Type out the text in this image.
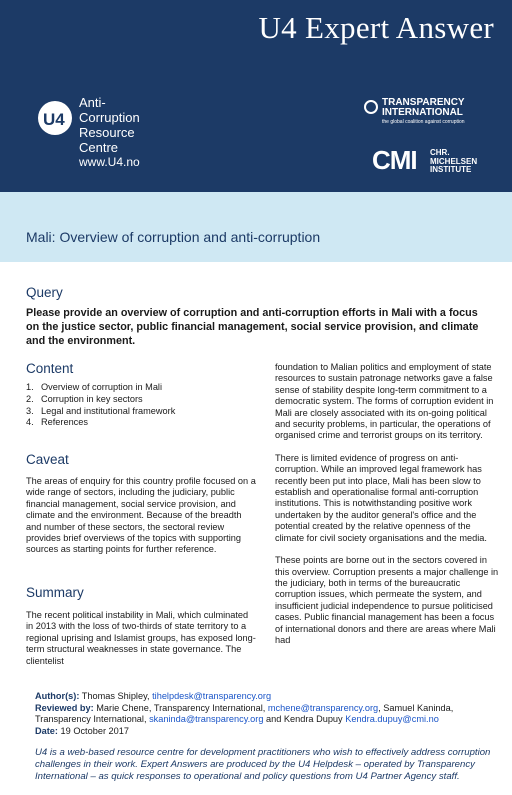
U4 Expert Answer
U4
Anti-
Corruption
Resource
Centre
www.U4.no
TRANSPARENCY
INTERNATIONAL
the global coalition against corruption
CMI CHR.
MICHELSEN
INSTITUTE
Mali: Overview of corruption and anti-corruption
Query
Please provide an overview of corruption and anti-corruption efforts in Mali with a focus on the justice sector, public financial management, social service provision, and climate and the environment.
Content
1. Overview of corruption in Mali
2. Corruption in key sectors
3. Legal and institutional framework
4. References
Caveat

The areas of enquiry for this country profile focused on a wide range of sectors, including the judiciary, public financial management, social service provision, and climate and the environment. Because of the breadth and number of these sectors, the sectoral review provides brief overviews of the topics with supporting sources as starting points for further reference.

Summary

The recent political instability in Mali, which culminated in 2013 with the loss of two-thirds of state territory to a regional uprising and Islamist groups, has exposed long-term structural weaknesses in state governance. The clientelist

foundation to Malian politics and employment of state resources to sustain patronage networks gave a false sense of stability despite long-term commitment to a democratic system. The forms of corruption evident in Mali are closely associated with its on-going political and security problems, in particular, the operations of organised crime and terrorist groups on its territory.

There is limited evidence of progress on anti-corruption. While an improved legal framework has recently been put into place, Mali has been slow to establish and operationalise formal anti-corruption institutions. This is notwithstanding positive work undertaken by the auditor general's office and the potential created by the relative openness of the climate for civil society organisations and the media.

These points are borne out in the sectors covered in this overview. Corruption presents a major challenge in the judiciary, both in terms of the bureaucratic corruption issues, which permeate the system, and insufficient judicial independence to pursue politicised cases. Public financial management has been a focus of international donors and there are areas where Mali had

Author(s): Thomas Shipley, tihelpdesk@transparency.org
Reviewed by: Marie Chene, Transparency International, mchene@transparency.org, Samuel Kaninda, Transparency International, skaninda@transparency.org and Kendra Dupuy Kendra.dupuy@cmi.no
Date: 19 October 2017
U4 is a web-based resource centre for development practitioners who wish to effectively address corruption challenges in their work. Expert Answers are produced by the U4 Helpdesk – operated by Transparency International – as quick responses to operational and policy questions from U4 Partner Agency staff.
